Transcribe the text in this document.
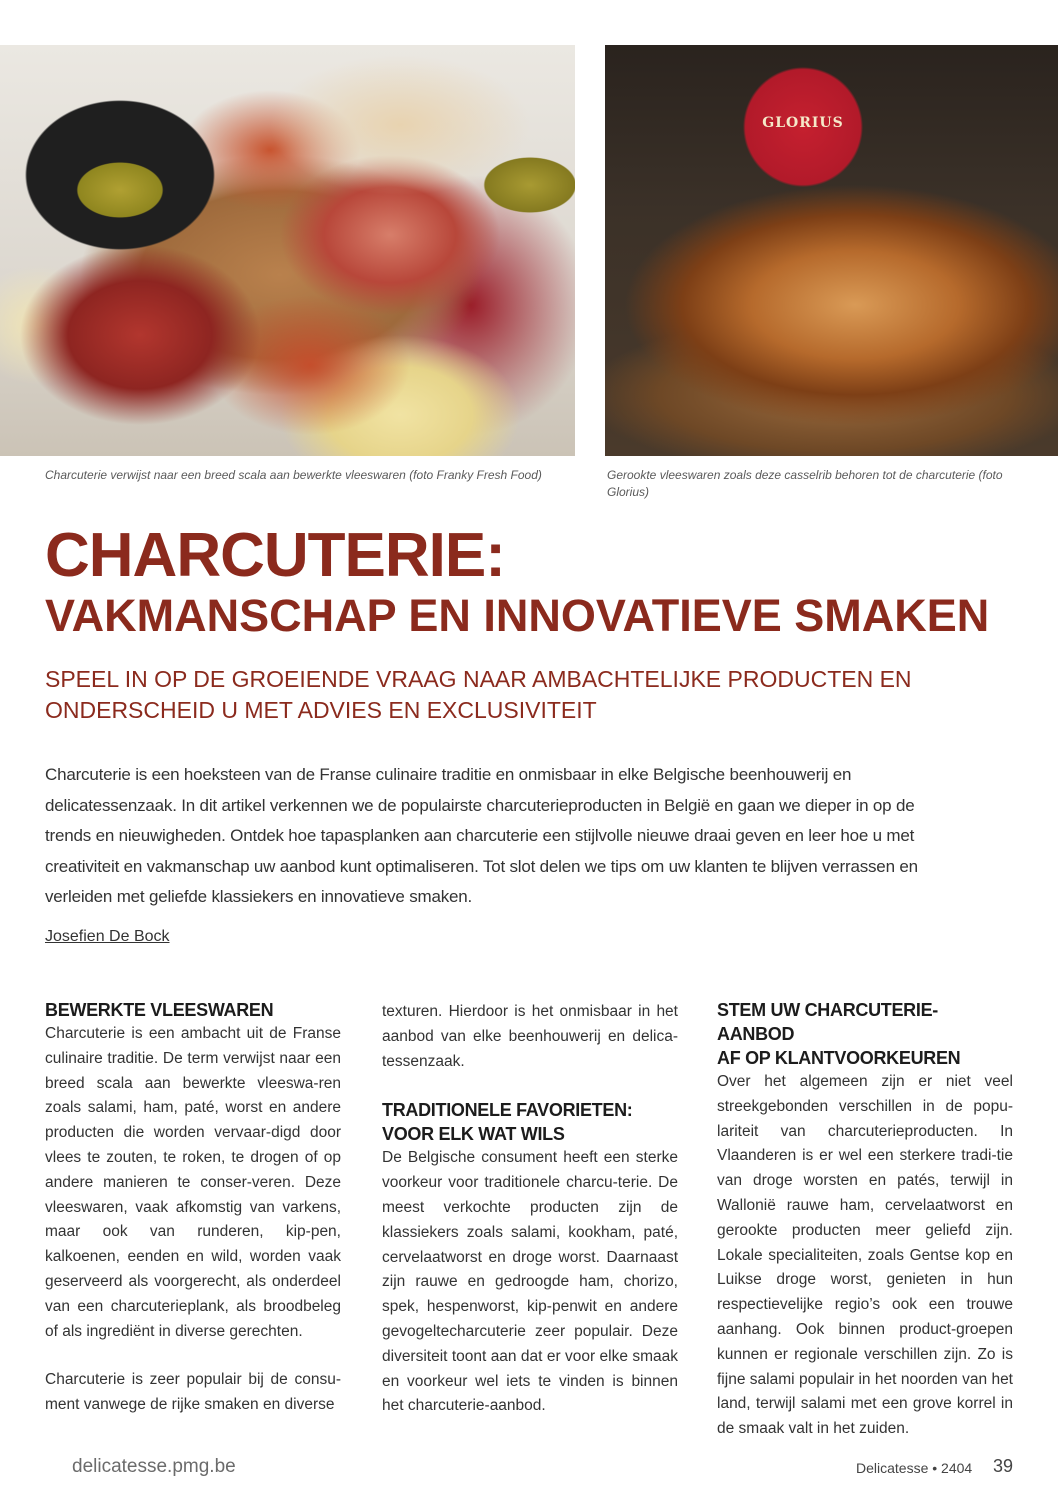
GLORIUS
Charcuterie verwijst naar een breed scala aan bewerkte vleeswaren (foto Franky Fresh Food)	Gerookte vleeswaren zoals deze casselrib behoren tot de charcuterie (foto Glorius)
CHARCUTERIE:
VAKMANSCHAP EN INNOVATIEVE SMAKEN
SPEEL IN OP DE GROEIENDE VRAAG NAAR AMBACHTELIJKE PRODUCTEN EN ONDERSCHEID U MET ADVIES EN EXCLUSIVITEIT

Charcuterie is een hoeksteen van de Franse culinaire traditie en onmisbaar in elke Belgische beenhouwerij en delicatessenzaak. In dit artikel verkennen we de populairste charcuterieproducten in België en gaan we dieper in op de trends en nieuwigheden. Ontdek hoe tapasplanken aan charcuterie een stijlvolle nieuwe draai geven en leer hoe u met creativiteit en vakmanschap uw aanbod kunt optimaliseren. Tot slot delen we tips om uw klanten te blijven verrassen en verleiden met geliefde klassiekers en innovatieve smaken.

Josefien De Bock
BEWERKTE VLEESWAREN

Charcuterie is een ambacht uit de Franse culinaire traditie. De term verwijst naar een breed scala aan bewerkte vleeswa-ren zoals salami, ham, paté, worst en andere producten die worden vervaar-digd door vlees te zouten, te roken, te drogen of op andere manieren te conser-veren. Deze vleeswaren, vaak afkomstig van varkens, maar ook van runderen, kip-pen, kalkoenen, eenden en wild, worden vaak geserveerd als voorgerecht, als onderdeel van een charcuterieplank, als broodbeleg of als ingrediënt in diverse gerechten.

Charcuterie is zeer populair bij de consu-ment vanwege de rijke smaken en diverse

texturen. Hierdoor is het onmisbaar in het aanbod van elke beenhouwerij en delica-tessenzaak.

TRADITIONELE FAVORIETEN:
VOOR ELK WAT WILS

De Belgische consument heeft een sterke voorkeur voor traditionele charcu-terie. De meest verkochte producten zijn de klassiekers zoals salami, kookham, paté, cervelaatworst en droge worst. Daarnaast zijn rauwe en gedroogde ham, chorizo, spek, hespenworst, kip-penwit en andere gevogeltecharcuterie zeer populair. Deze diversiteit toont aan dat er voor elke smaak en voorkeur wel iets te vinden is binnen het charcuterie-aanbod.

STEM UW CHARCUTERIE-AANBOD
AF OP KLANTVOORKEUREN

Over het algemeen zijn er niet veel streekgebonden verschillen in de popu-lariteit van charcuterieproducten. In Vlaanderen is er wel een sterkere tradi-tie van droge worsten en patés, terwijl in Wallonië rauwe ham, cervelaatworst en gerookte producten meer geliefd zijn. Lokale specialiteiten, zoals Gentse kop en Luikse droge worst, genieten in hun respectievelijke regio’s ook een trouwe aanhang. Ook binnen product-groepen kunnen er regionale verschillen zijn. Zo is fijne salami populair in het noorden van het land, terwijl salami met een grove korrel in de smaak valt in het zuiden.

delicatesse.pmg.be	Delicatesse • 2404 39
